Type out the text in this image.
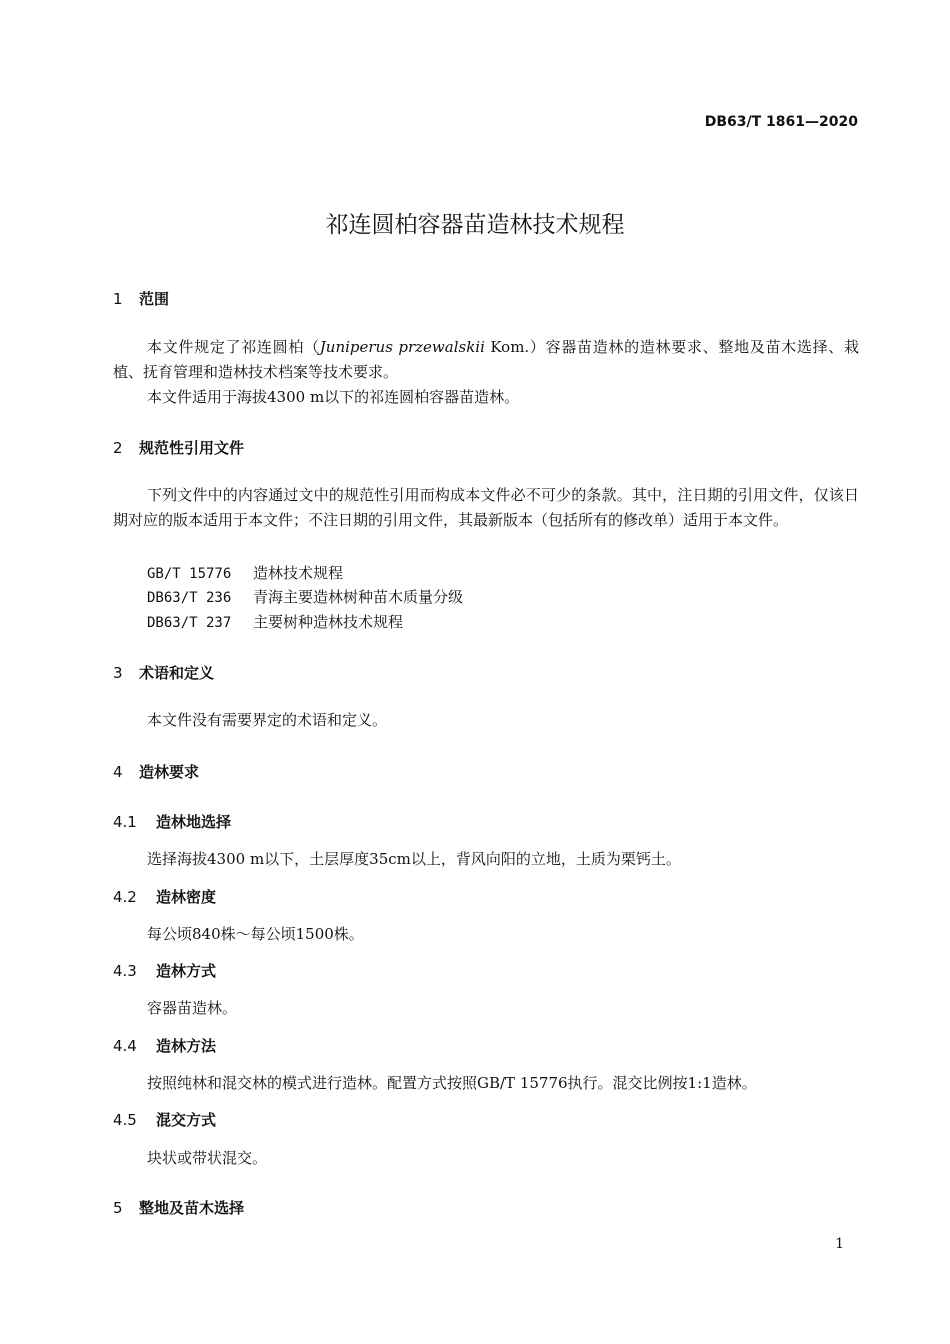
DB63/T 1861—2020
祁连圆柏容器苗造林技术规程
1 范围
本文件规定了祁连圆柏（Juniperus przewalskii Kom.）容器苗造林的造林要求、整地及苗木选择、栽植、抚育管理和造林技术档案等技术要求。
本文件适用于海拔4300 m以下的祁连圆柏容器苗造林。
2 规范性引用文件
下列文件中的内容通过文中的规范性引用而构成本文件必不可少的条款。其中，注日期的引用文件，仅该日期对应的版本适用于本文件；不注日期的引用文件，其最新版本（包括所有的修改单）适用于本文件。
GB/T 15776 造林技术规程
DB63/T 236 青海主要造林树种苗木质量分级
DB63/T 237 主要树种造林技术规程
3 术语和定义
本文件没有需要界定的术语和定义。
4 造林要求
4.1 造林地选择
选择海拔4300 m以下，土层厚度35cm以上，背风向阳的立地，土质为栗钙土。
4.2 造林密度
每公顷840株～每公顷1500株。
4.3 造林方式
容器苗造林。
4.4 造林方法
按照纯林和混交林的模式进行造林。配置方式按照GB/T 15776执行。混交比例按1:1造林。
4.5 混交方式
块状或带状混交。
5 整地及苗木选择
1
